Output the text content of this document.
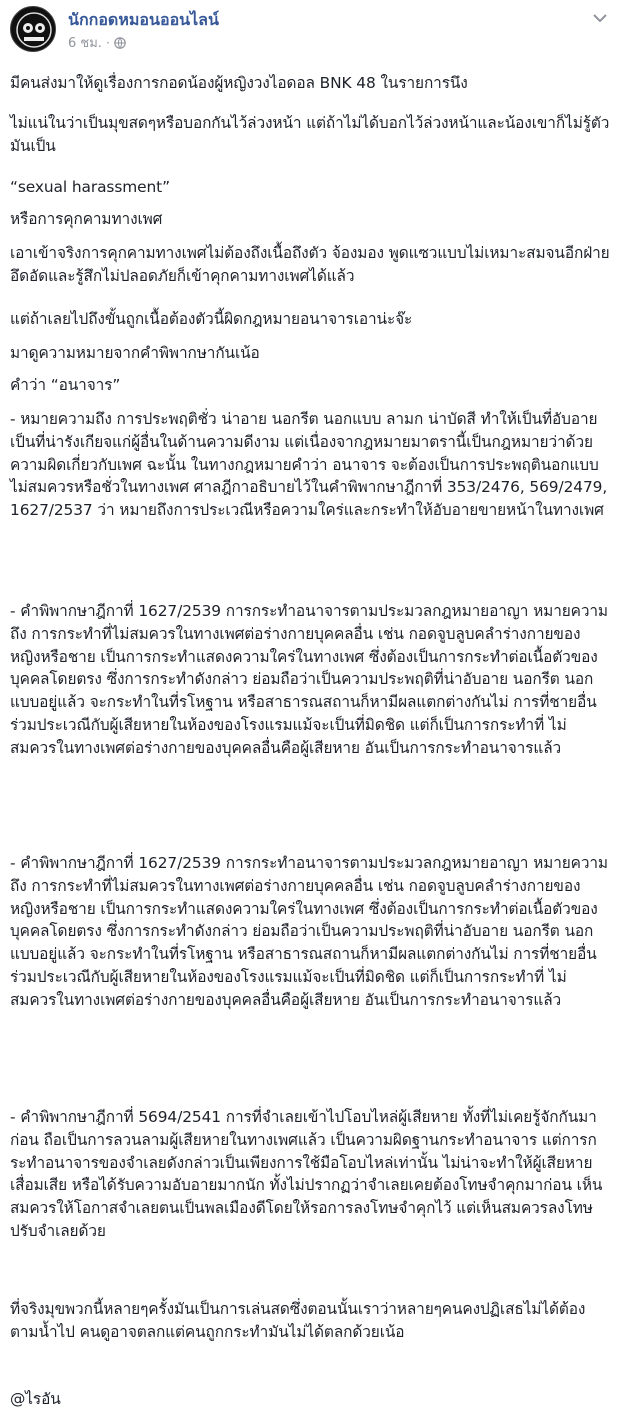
นักกอดหมอนออนไลน์
6 ชม. ·

มีคนส่งมาให้ดูเรื่องการกอดน้องผู้หญิงวงไอดอล BNK 48 ในรายการนึง

ไม่แน่ในว่าเป็นมุขสดๆหรือบอกกันไว้ล่วงหน้า แต่ถ้าไม่ได้บอกไว้ล่วงหน้าและน้องเขาก็ไม่รู้ตัว มันเป็น

“sexual harassment”

หรือการคุกคามทางเพศ

เอาเข้าจริงการคุกคามทางเพศไม่ต้องถึงเนื้อถึงตัว จ้องมอง พูดแซวแบบไม่เหมาะสมจนอีกฝ่ายอึดอัดและรู้สึกไม่ปลอดภัยก็เข้าคุกคามทางเพศได้แล้ว

แต่ถ้าเลยไปถึงขั้นถูกเนื้อต้องตัวนี้ผิดกฎหมายอนาจารเอาน่ะจ๊ะ

มาดูความหมายจากคำพิพากษากันเน้อ

คำว่า “อนาจาร”

- หมายความถึง การประพฤติชั่ว น่าอาย นอกรีต นอกแบบ ลามก น่าบัดสี ทำให้เป็นที่อับอาย เป็นที่น่ารังเกียจแก่ผู้อื่นในด้านความดีงาม แต่เนื่องจากฎหมายมาตรานี้เป็นกฎหมายว่าด้วยความผิดเกี่ยวกับเพศ ฉะนั้น ในทางกฎหมายคำว่า อนาจาร จะต้องเป็นการประพฤตินอกแบบ ไม่สมควรหรือชั่วในทางเพศ ศาลฎีกาอธิบายไว้ในคำพิพากษาฎีกาที่ 353/2476, 569/2479, 1627/2537 ว่า หมายถึงการประเวณีหรือความใคร่และกระทำให้อับอายขายหน้าในทางเพศ

- คำพิพากษาฎีกาที่ 1627/2539 การกระทำอนาจารตามประมวลกฎหมายอาญา หมายความถึง การกระทำที่ไม่สมควรในทางเพศต่อร่างกายบุคคลอื่น เช่น กอดจูบลูบคลำร่างกายของหญิงหรือชาย เป็นการกระทำแสดงความใคร่ในทางเพศ ซึ่งต้องเป็นการกระทำต่อเนื้อตัวของบุคคลโดยตรง ซึ่งการกระทำดังกล่าว ย่อมถือว่าเป็นความประพฤติที่น่าอับอาย นอกรีต นอกแบบอยู่แล้ว จะกระทำในที่รโหฐาน หรือสาธารณสถานก็หามีผลแตกต่างกันไม่ การที่ชายอื่นร่วมประเวณีกับผู้เสียหายในห้องของโรงแรมแม้จะเป็นที่มิดชิด แต่ก็เป็นการกระทำที่ ไม่สมควรในทางเพศต่อร่างกายของบุคคลอื่นคือผู้เสียหาย อันเป็นการกระทำอนาจารแล้ว

- คำพิพากษาฎีกาที่ 1627/2539 การกระทำอนาจารตามประมวลกฎหมายอาญา หมายความถึง การกระทำที่ไม่สมควรในทางเพศต่อร่างกายบุคคลอื่น เช่น กอดจูบลูบคลำร่างกายของหญิงหรือชาย เป็นการกระทำแสดงความใคร่ในทางเพศ ซึ่งต้องเป็นการกระทำต่อเนื้อตัวของบุคคลโดยตรง ซึ่งการกระทำดังกล่าว ย่อมถือว่าเป็นความประพฤติที่น่าอับอาย นอกรีต นอกแบบอยู่แล้ว จะกระทำในที่รโหฐาน หรือสาธารณสถานก็หามีผลแตกต่างกันไม่ การที่ชายอื่นร่วมประเวณีกับผู้เสียหายในห้องของโรงแรมแม้จะเป็นที่มิดชิด แต่ก็เป็นการกระทำที่ ไม่สมควรในทางเพศต่อร่างกายของบุคคลอื่นคือผู้เสียหาย อันเป็นการกระทำอนาจารแล้ว

- คำพิพากษาฎีกาที่ 5694/2541 การที่จำเลยเข้าไปโอบไหล่ผู้เสียหาย ทั้งที่ไม่เคยรู้จักกันมาก่อน ถือเป็นการลวนลามผู้เสียหายในทางเพศแล้ว เป็นความผิดฐานกระทำอนาจาร แต่การกระทำอนาจารของจำเลยดังกล่าวเป็นเพียงการใช้มือโอบไหล่เท่านั้น ไม่น่าจะทำให้ผู้เสียหายเสื่อมเสีย หรือได้รับความอับอายมากนัก ทั้งไม่ปรากฏว่าจำเลยเคยต้องโทษจำคุกมาก่อน เห็นสมควรให้โอกาสจำเลยตนเป็นพลเมืองดีโดยให้รอการลงโทษจำคุกไว้ แต่เห็นสมควรลงโทษปรับจำเลยด้วย

ที่จริงมุขพวกนี้หลายๆครั้งมันเป็นการเล่นสดซึ่งตอนนั้นเราว่าหลายๆคนคงปฏิเสธไม่ได้ต้องตามน้ำไป คนดูอาจตลกแต่คนถูกกระทำมันไม่ได้ตลกด้วยเน้อ

@ไรอัน
